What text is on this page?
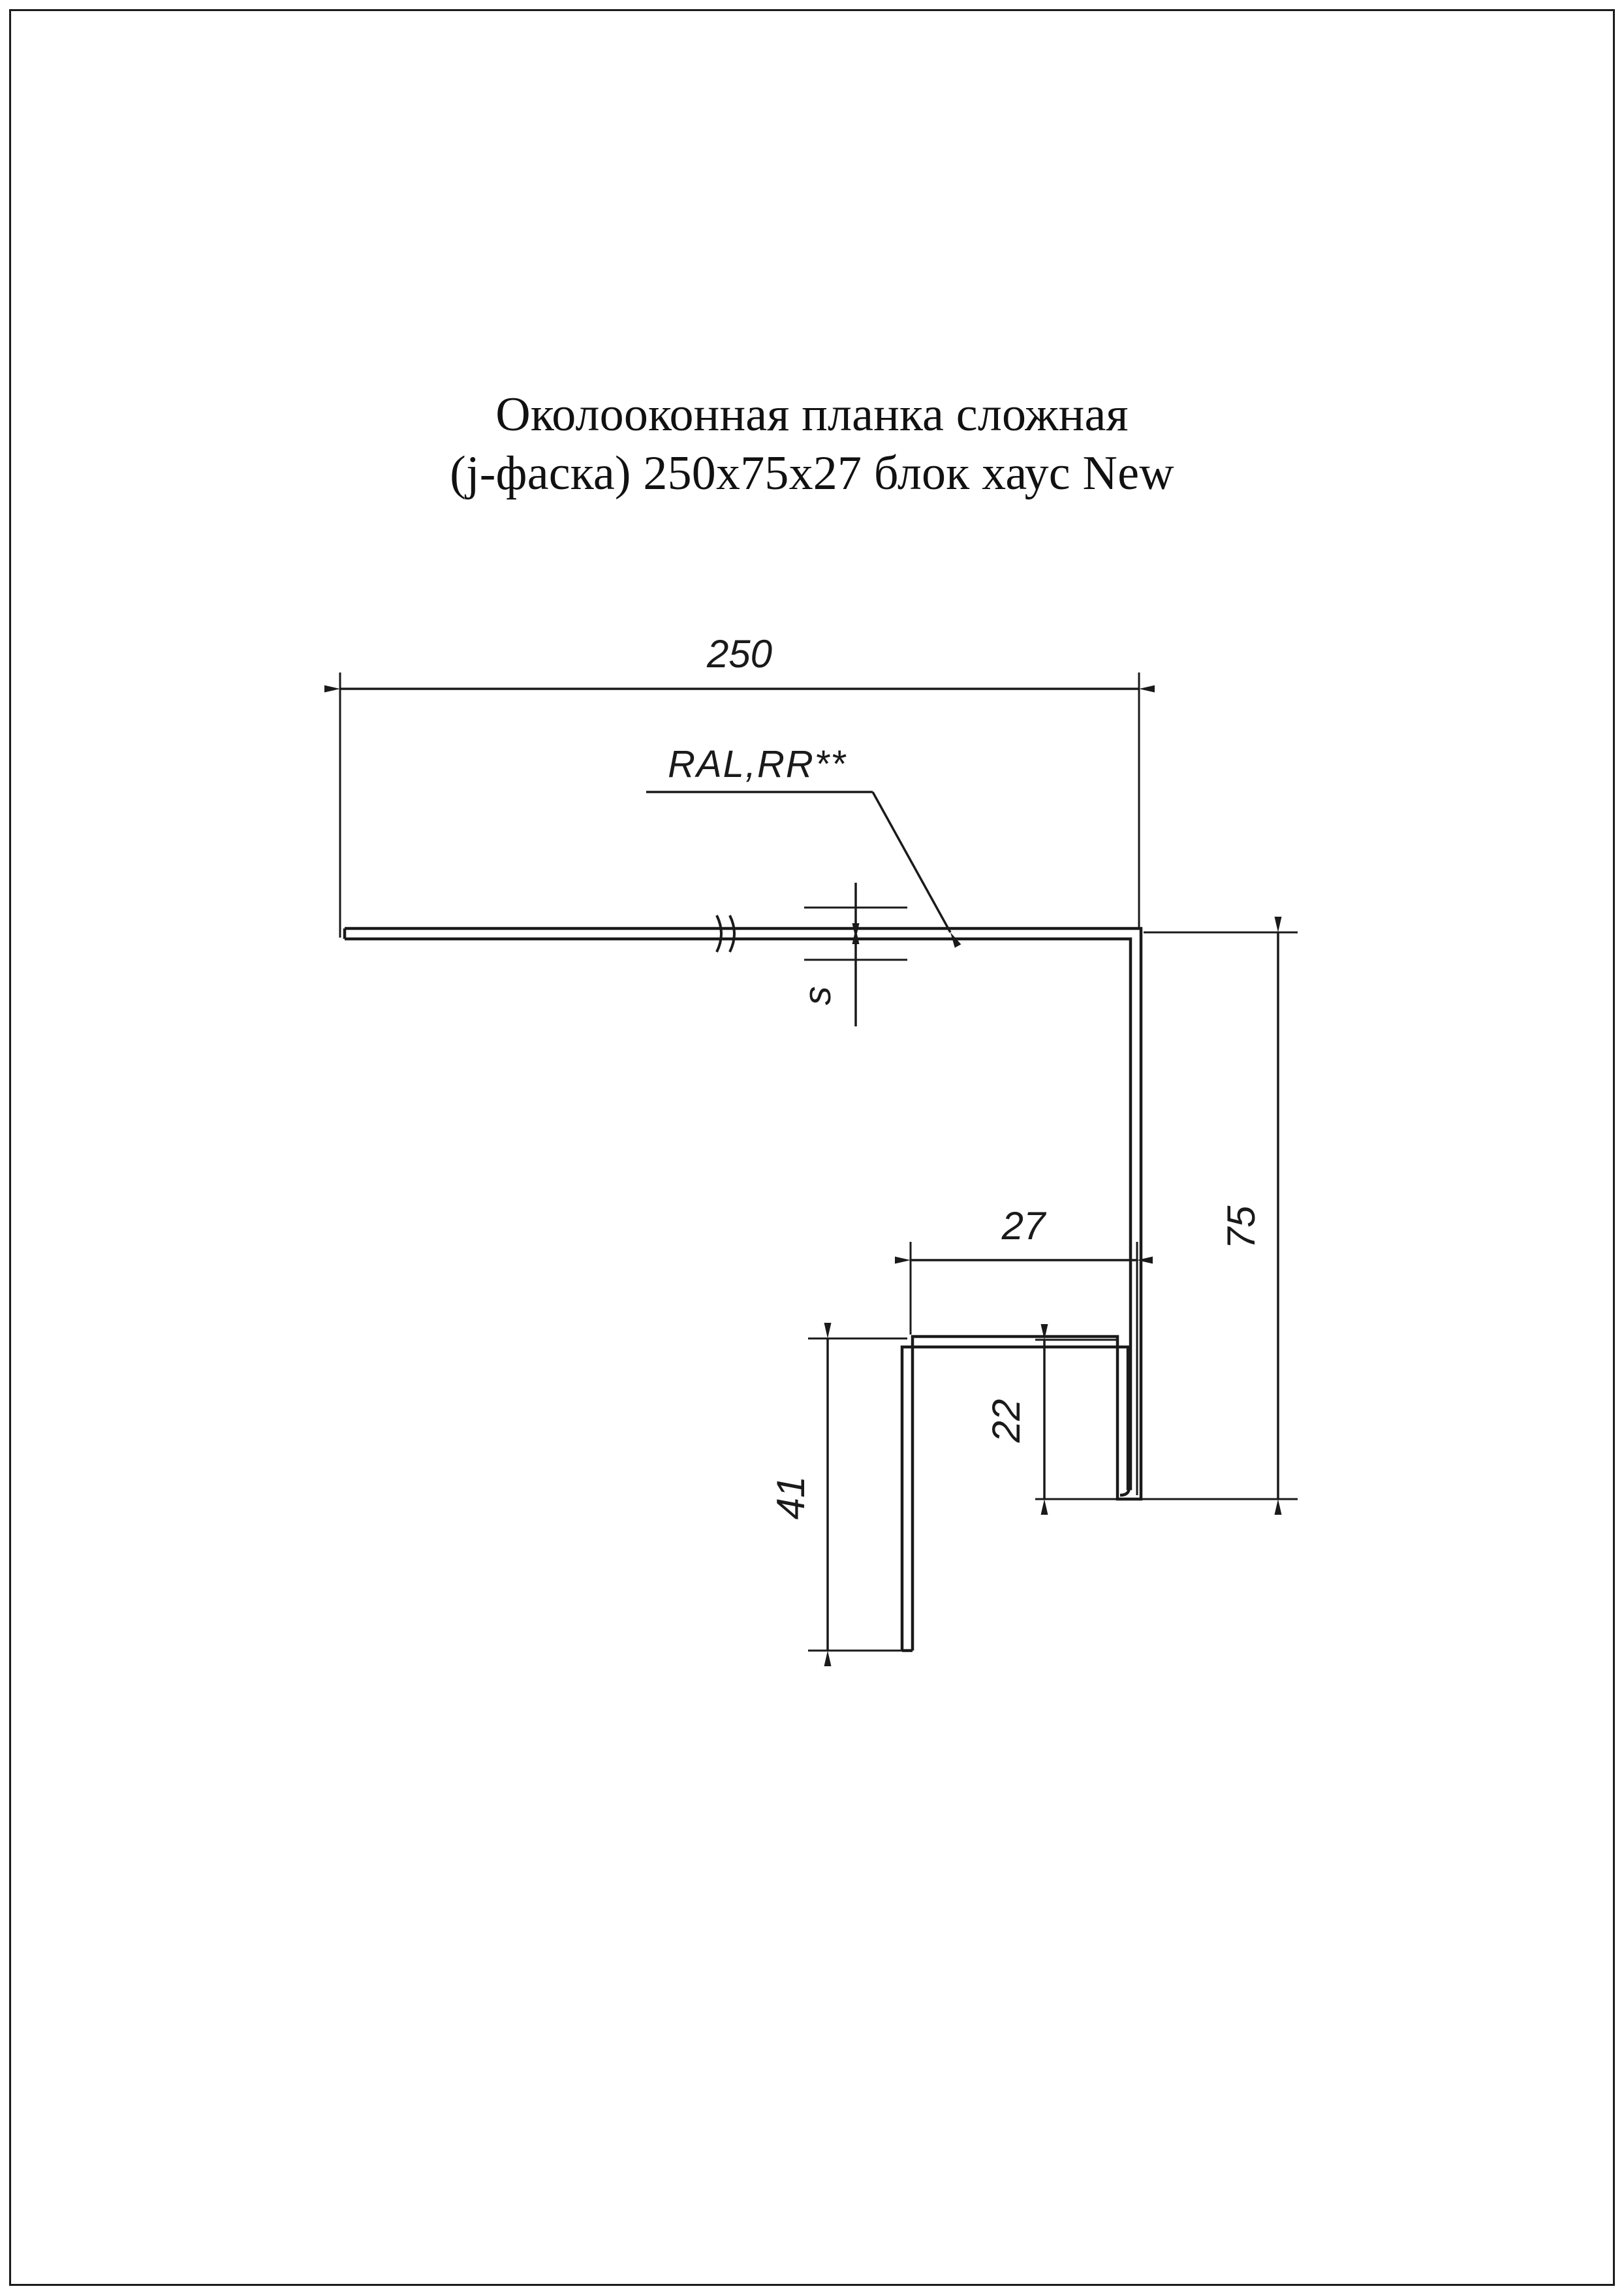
Околооконная планка сложная
(j-фаска) 250x75x27 блок хаус New
250
RAL,RR**
s
27	75
22
41
